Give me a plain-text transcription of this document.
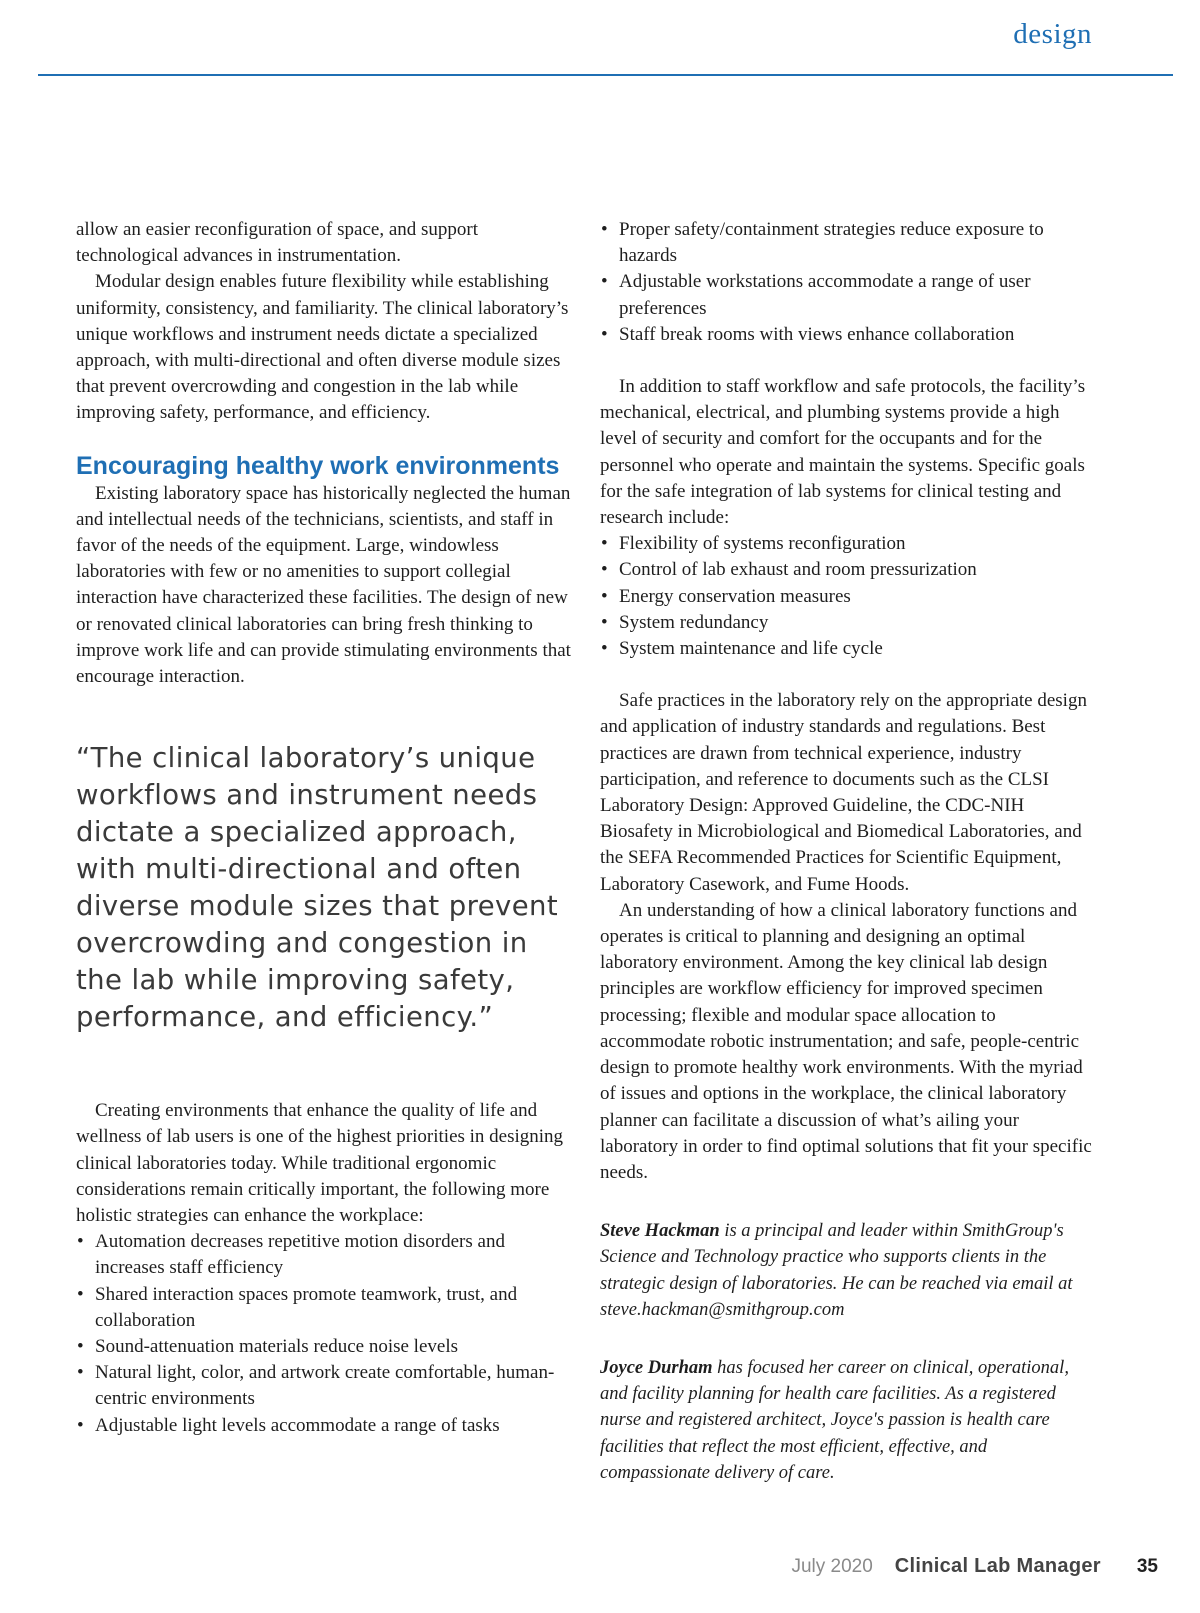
design

allow an easier reconfiguration of space, and support technological advances in instrumentation.

Modular design enables future flexibility while establishing uniformity, consistency, and familiarity. The clinical laboratory’s unique workflows and instrument needs dictate a specialized approach, with multi-directional and often diverse module sizes that prevent overcrowding and congestion in the lab while improving safety, performance, and efficiency.

Encouraging healthy work environments

Existing laboratory space has historically neglected the human and intellectual needs of the technicians, scientists, and staff in favor of the needs of the equipment. Large, windowless laboratories with few or no amenities to support collegial interaction have characterized these facilities. The design of new or renovated clinical laboratories can bring fresh thinking to improve work life and can provide stimulating environments that encourage interaction.

“The clinical laboratory’s unique workflows and instrument needs dictate a specialized approach, with multi-directional and often diverse module sizes that prevent overcrowding and congestion in the lab while improving safety, performance, and efficiency.”

Creating environments that enhance the quality of life and wellness of lab users is one of the highest priorities in designing clinical laboratories today. While traditional ergonomic considerations remain critically important, the following more holistic strategies can enhance the workplace:

• Automation decreases repetitive motion disorders and increases staff efficiency
• Shared interaction spaces promote teamwork, trust, and collaboration
• Sound-attenuation materials reduce noise levels
• Natural light, color, and artwork create comfortable, human-centric environments
• Adjustable light levels accommodate a range of tasks
• Proper safety/containment strategies reduce exposure to hazards
• Adjustable workstations accommodate a range of user preferences
• Staff break rooms with views enhance collaboration

In addition to staff workflow and safe protocols, the facility’s mechanical, electrical, and plumbing systems provide a high level of security and comfort for the occupants and for the personnel who operate and maintain the systems. Specific goals for the safe integration of lab systems for clinical testing and research include:

• Flexibility of systems reconfiguration
• Control of lab exhaust and room pressurization
• Energy conservation measures
• System redundancy
• System maintenance and life cycle

Safe practices in the laboratory rely on the appropriate design and application of industry standards and regulations. Best practices are drawn from technical experience, industry participation, and reference to documents such as the CLSI Laboratory Design: Approved Guideline, the CDC-NIH Biosafety in Microbiological and Biomedical Laboratories, and the SEFA Recommended Practices for Scientific Equipment, Laboratory Casework, and Fume Hoods.

An understanding of how a clinical laboratory functions and operates is critical to planning and designing an optimal laboratory environment. Among the key clinical lab design principles are workflow efficiency for improved specimen processing; flexible and modular space allocation to accommodate robotic instrumentation; and safe, people-centric design to promote healthy work environments. With the myriad of issues and options in the workplace, the clinical laboratory planner can facilitate a discussion of what’s ailing your laboratory in order to find optimal solutions that fit your specific needs.

Steve Hackman is a principal and leader within SmithGroup's Science and Technology practice who supports clients in the strategic design of laboratories. He can be reached via email at steve.hackman@smithgroup.com

Joyce Durham has focused her career on clinical, operational, and facility planning for health care facilities. As a registered nurse and registered architect, Joyce's passion is health care facilities that reflect the most efficient, effective, and compassionate delivery of care.

July 2020 Clinical Lab Manager 35
